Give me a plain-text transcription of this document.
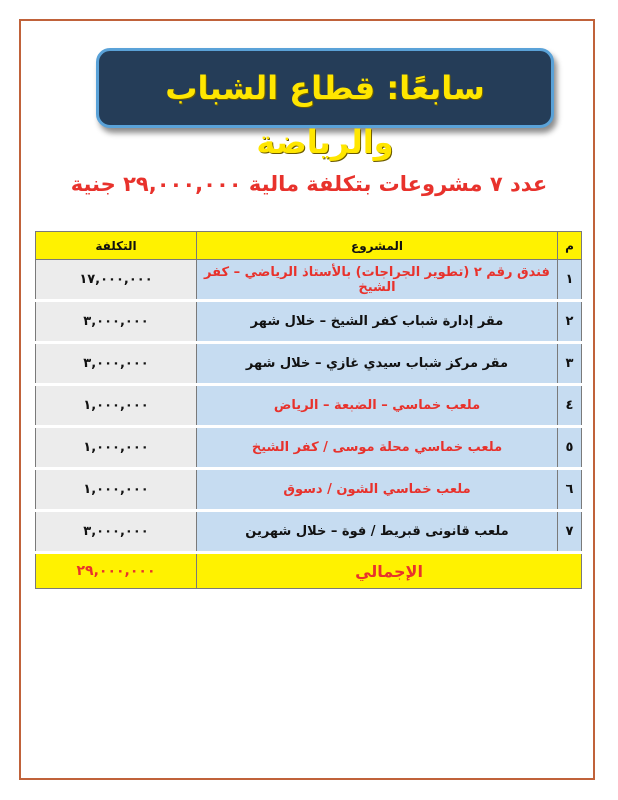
سابعًا: قطاع الشباب والرياضة
عدد ٧ مشروعات بتكلفة مالية ٢٩,٠٠٠,٠٠٠ جنية
م	المشروع	التكلفة
١	فندق رقم ٢ (تطوير الجراجات) بالأستاذ الرياضي – كفر الشيخ	١٧,٠٠٠,٠٠٠
٢	مقر إدارة شباب كفر الشيخ – خلال شهر	٣,٠٠٠,٠٠٠
٣	مقر مركز شباب سيدي غازي – خلال شهر	٣,٠٠٠,٠٠٠
٤	ملعب خماسي – الضبعة – الرياض	١,٠٠٠,٠٠٠
٥	ملعب خماسي محلة موسى / كفر الشيخ	١,٠٠٠,٠٠٠
٦	ملعب خماسي الشون / دسوق	١,٠٠٠,٠٠٠
٧	ملعب قانونى قبريط / فوة – خلال شهرين	٣,٠٠٠,٠٠٠
الإجمالي		٢٩,٠٠٠,٠٠٠
